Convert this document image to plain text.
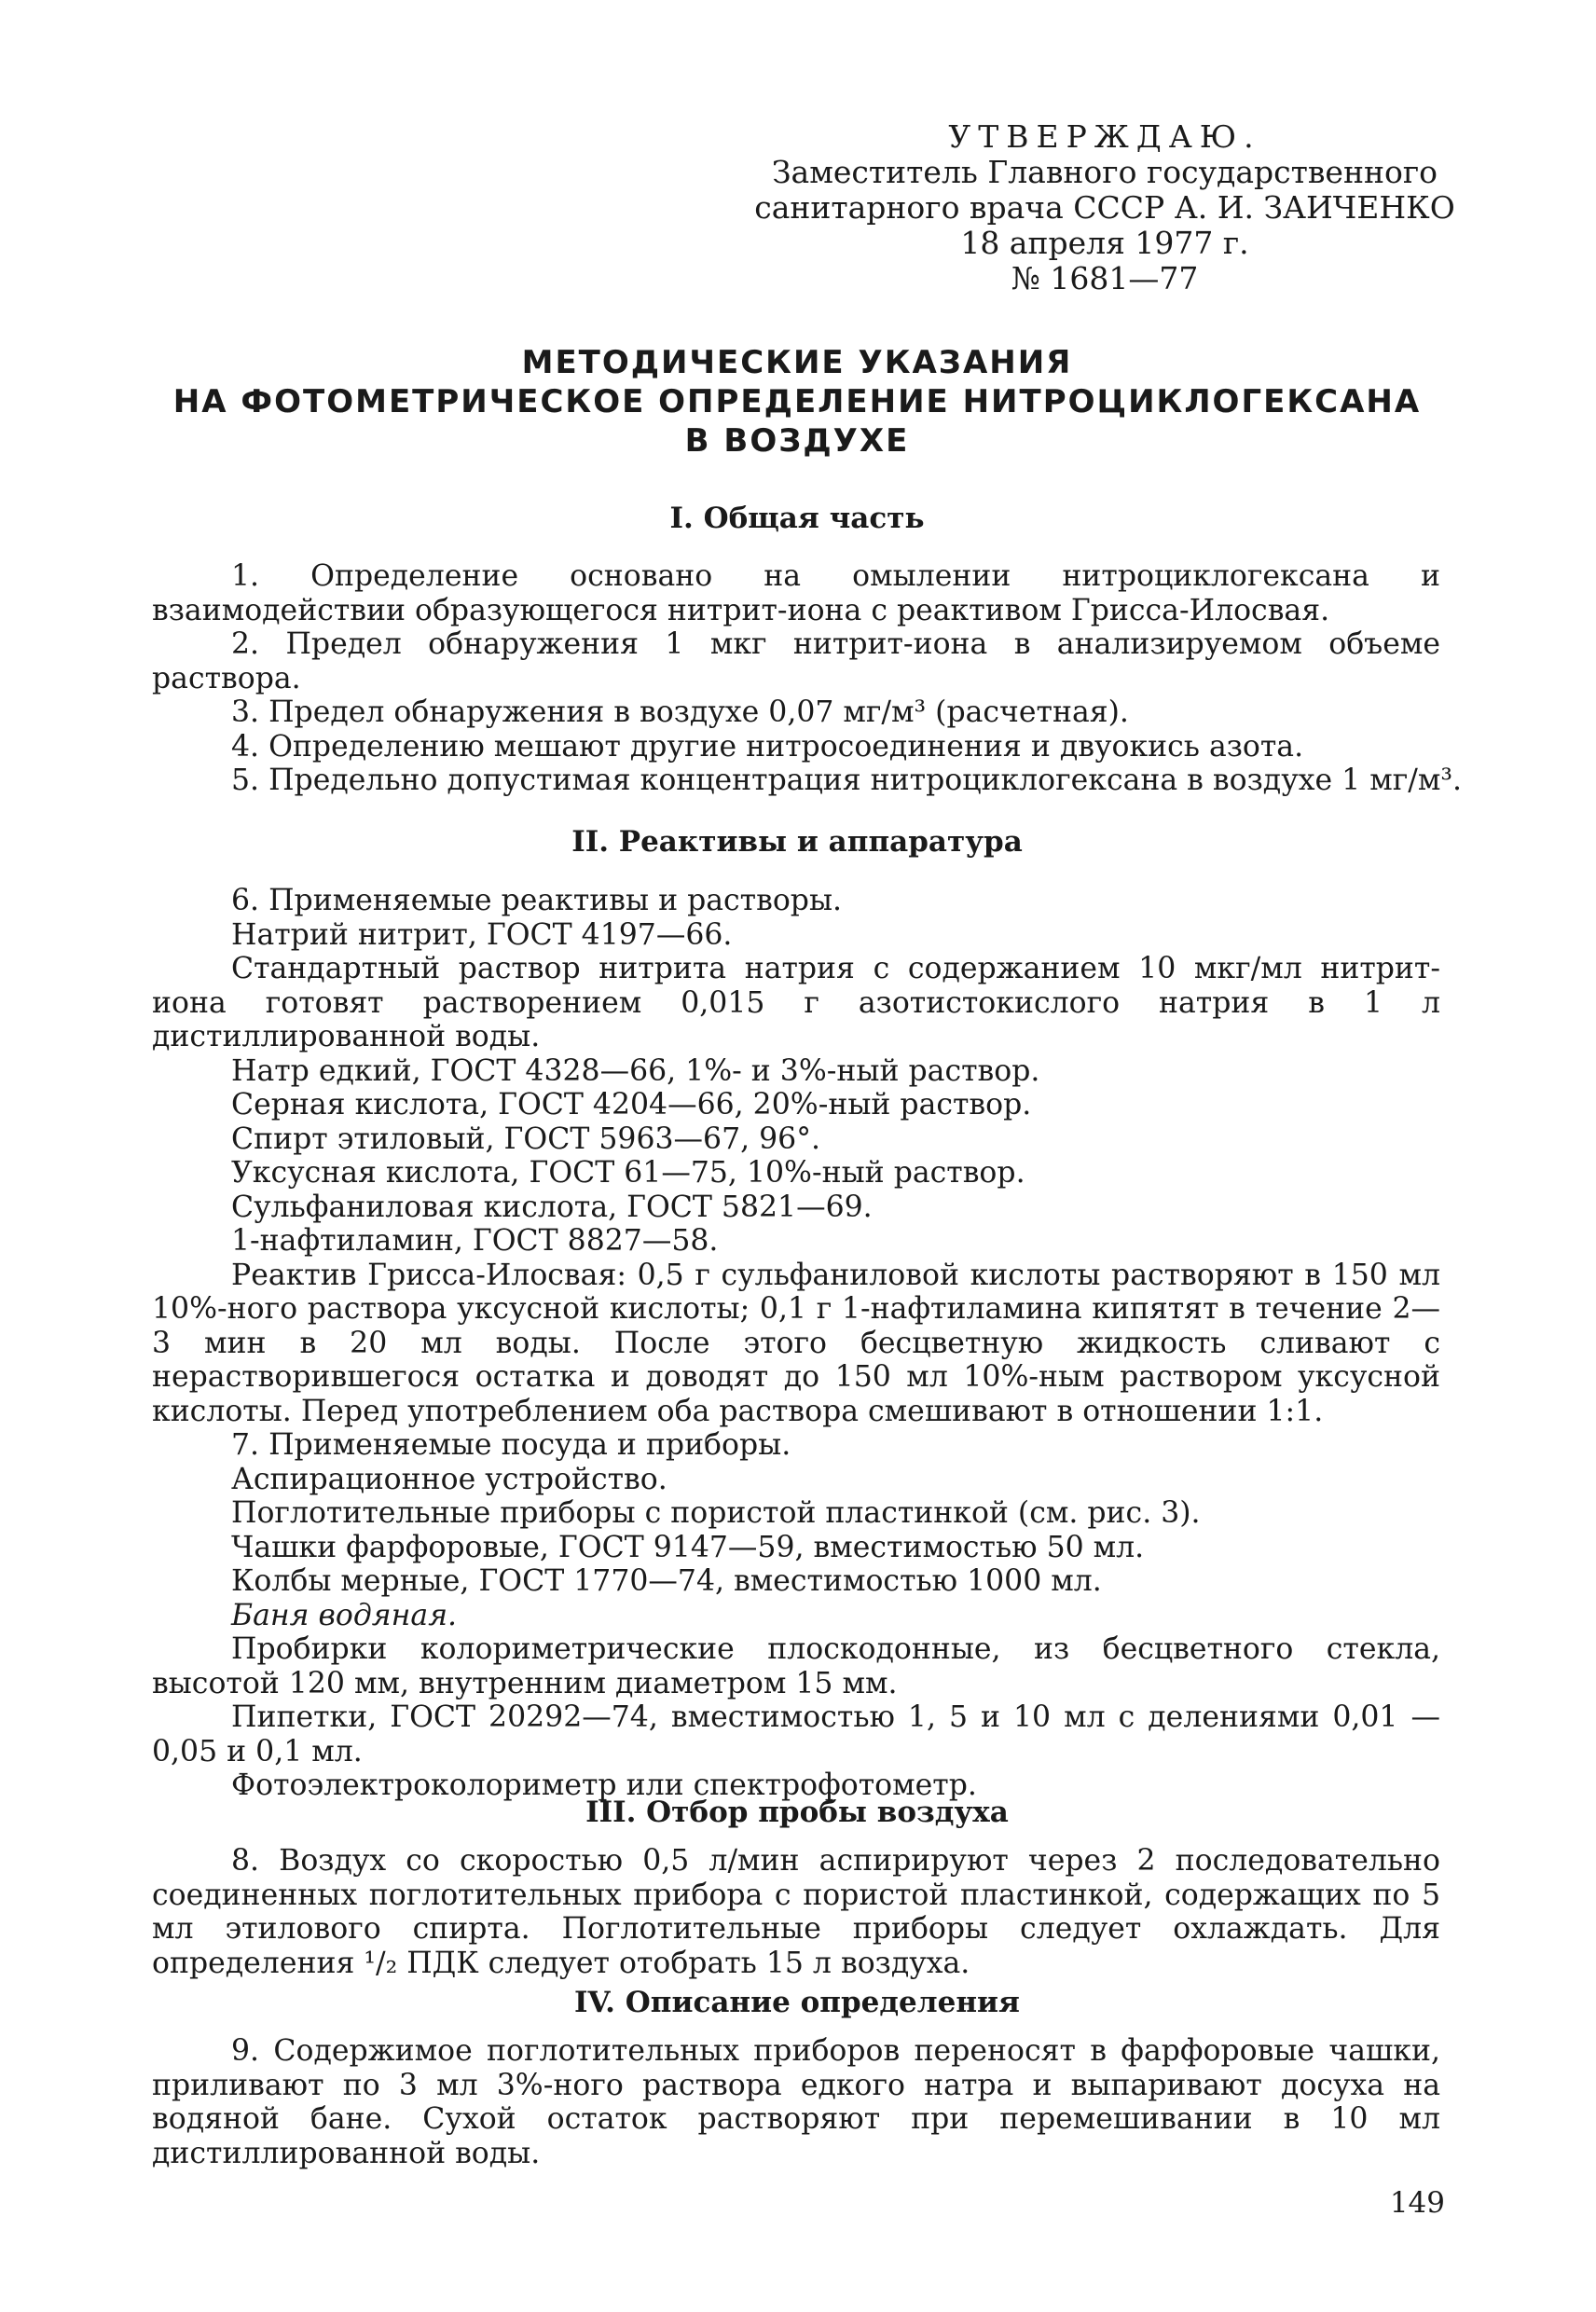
УТВЕРЖДАЮ.
Заместитель Главного государственного
санитарного врача СССР А. И. ЗАИЧЕНКО
18 апреля 1977 г.
№ 1681—77
МЕТОДИЧЕСКИЕ УКАЗАНИЯ
НА ФОТОМЕТРИЧЕСКОЕ ОПРЕДЕЛЕНИЕ НИТРОЦИКЛОГЕКСАНА
В ВОЗДУХЕ
I. Общая часть

1. Определение основано на омылении нитроциклогексана и взаимодействии образующегося нитрит-иона с реактивом Грисса-Илосвая.

2. Предел обнаружения 1 мкг нитрит-иона в анализируемом объеме раствора.

3. Предел обнаружения в воздухе 0,07 мг/м³ (расчетная).

4. Определению мешают другие нитросоединения и двуокись азота.

5. Предельно допустимая концентрация нитроциклогексана в воздухе 1 мг/м³.

II. Реактивы и аппаратура

6. Применяемые реактивы и растворы.

Натрий нитрит, ГОСТ 4197—66.

Стандартный раствор нитрита натрия с содержанием 10 мкг/мл нитрит-иона готовят растворением 0,015 г азотистокислого натрия в 1 л дистиллированной воды.

Натр едкий, ГОСТ 4328—66, 1%- и 3%-ный раствор.

Серная кислота, ГОСТ 4204—66, 20%-ный раствор.

Спирт этиловый, ГОСТ 5963—67, 96°.

Уксусная кислота, ГОСТ 61—75, 10%-ный раствор.

Сульфаниловая кислота, ГОСТ 5821—69.

1-нафтиламин, ГОСТ 8827—58.

Реактив Грисса-Илосвая: 0,5 г сульфаниловой кислоты растворяют в 150 мл 10%-ного раствора уксусной кислоты; 0,1 г 1-нафтиламина кипятят в течение 2—3 мин в 20 мл воды. После этого бесцветную жидкость сливают с нерастворившегося остатка и доводят до 150 мл 10%-ным раствором уксусной кислоты. Перед употреблением оба раствора смешивают в отношении 1:1.

7. Применяемые посуда и приборы.

Аспирационное устройство.

Поглотительные приборы с пористой пластинкой (см. рис. 3).

Чашки фарфоровые, ГОСТ 9147—59, вместимостью 50 мл.

Колбы мерные, ГОСТ 1770—74, вместимостью 1000 мл.

Баня водяная.

Пробирки колориметрические плоскодонные, из бесцветного стекла, высотой 120 мм, внутренним диаметром 15 мм.

Пипетки, ГОСТ 20292—74, вместимостью 1, 5 и 10 мл с делениями 0,01 — 0,05 и 0,1 мл.

Фотоэлектроколориметр или спектрофотометр.

III. Отбор пробы воздуха

8. Воздух со скоростью 0,5 л/мин аспирируют через 2 последовательно соединенных поглотительных прибора с пористой пластинкой, содержащих по 5 мл этилового спирта. Поглотительные приборы следует охлаждать. Для определения ¹/₂ ПДК следует отобрать 15 л воздуха.

IV. Описание определения

9. Содержимое поглотительных приборов переносят в фарфоровые чашки, приливают по 3 мл 3%-ного раствора едкого натра и выпаривают досуха на водяной бане. Сухой остаток растворяют при перемешивании в 10 мл дистиллированной воды.

149
